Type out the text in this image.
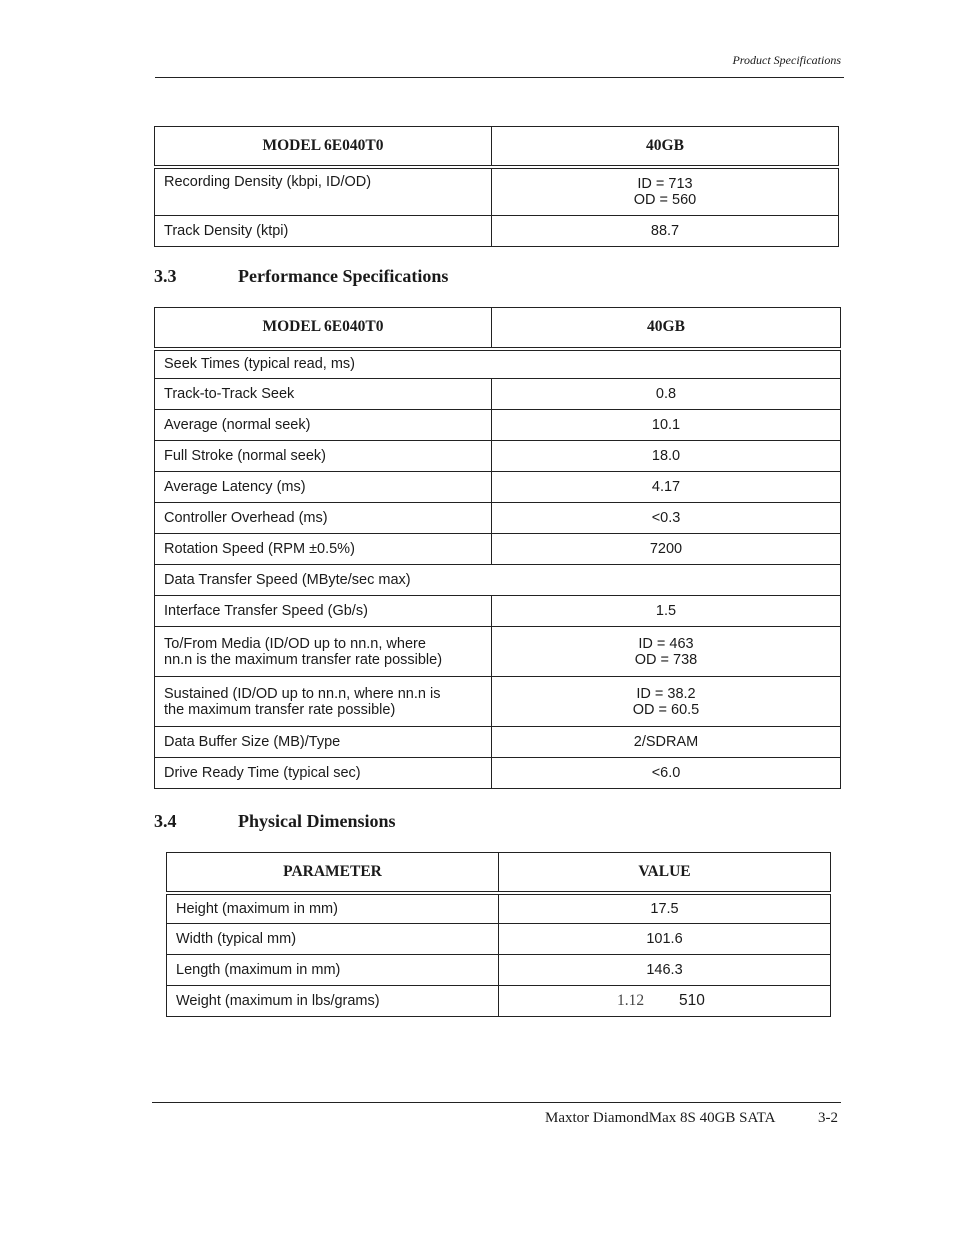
Product Specifications
MODEL 6E040T0	40GB
Recording Density (kbpi, ID/OD)	ID = 713
OD = 560

Track Density (ktpi)	88.7
3.3	Performance Specifications
MODEL 6E040T0	40GB
Seek Times (typical read, ms)	
Track-to-Track Seek	0.8
Average (normal seek)	10.1
Full Stroke (normal seek)	18.0
Average Latency (ms)	4.17
Controller Overhead (ms)	<0.3
Rotation Speed (RPM ±0.5%)	7200
Data Transfer Speed (MByte/sec max)	
Interface Transfer Speed (Gb/s)	1.5

To/From Media (ID/OD up to nn.n, where
nn.n is the maximum transfer rate possible)	ID = 463
OD = 738

Sustained (ID/OD up to nn.n, where nn.n is
the maximum transfer rate possible)	ID = 38.2
OD = 60.5

Data Buffer Size (MB)/Type	2/SDRAM
Drive Ready Time (typical sec)	<6.0
3.4	Physical Dimensions
PARAMETER	VALUE
Height (maximum in mm)	17.5
Width (typical mm)	101.6
Length (maximum in mm)	146.3
Weight (maximum in lbs/grams)	1.12 510
Maxtor DiamondMax 8S 40GB SATA	3-2
